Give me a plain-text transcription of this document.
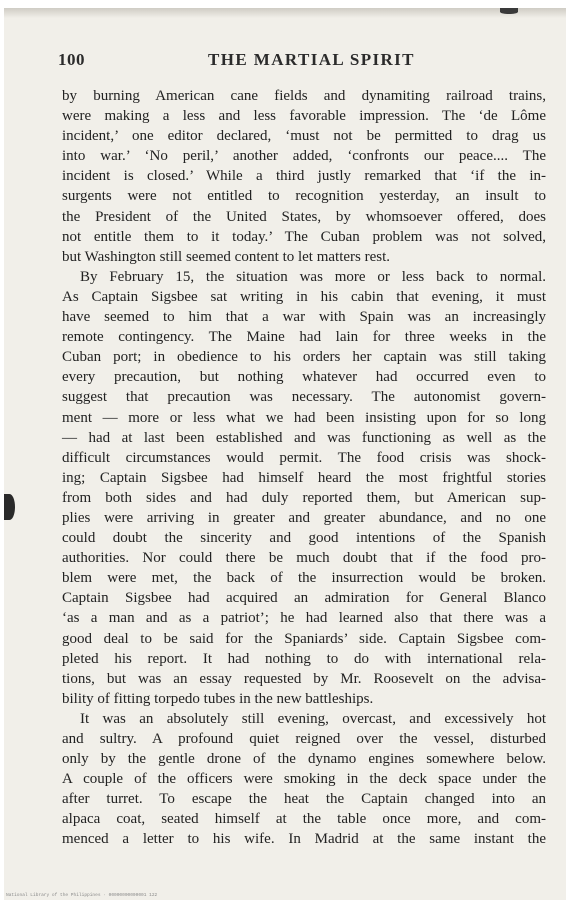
100	THE MARTIAL SPIRIT
by burning American cane fields and dynamiting railroad trains,
were making a less and less favorable impression. The ‘de Lôme
incident,’ one editor declared, ‘must not be permitted to drag us
into war.’ ‘No peril,’ another added, ‘confronts our peace.... The
incident is closed.’ While a third justly remarked that ‘if the in-
surgents were not entitled to recognition yesterday, an insult to
the President of the United States, by whomsoever offered, does
not entitle them to it today.’ The Cuban problem was not solved,
but Washington still seemed content to let matters rest.
By February 15, the situation was more or less back to normal.
As Captain Sigsbee sat writing in his cabin that evening, it must
have seemed to him that a war with Spain was an increasingly
remote contingency. The Maine had lain for three weeks in the
Cuban port; in obedience to his orders her captain was still taking
every precaution, but nothing whatever had occurred even to
suggest that precaution was necessary. The autonomist govern-
ment — more or less what we had been insisting upon for so long
— had at last been established and was functioning as well as the
difficult circumstances would permit. The food crisis was shock-
ing; Captain Sigsbee had himself heard the most frightful stories
from both sides and had duly reported them, but American sup-
plies were arriving in greater and greater abundance, and no one
could doubt the sincerity and good intentions of the Spanish
authorities. Nor could there be much doubt that if the food pro-
blem were met, the back of the insurrection would be broken.
Captain Sigsbee had acquired an admiration for General Blanco
‘as a man and as a patriot’; he had learned also that there was a
good deal to be said for the Spaniards’ side. Captain Sigsbee com-
pleted his report. It had nothing to do with international rela-
tions, but was an essay requested by Mr. Roosevelt on the advisa-
bility of fitting torpedo tubes in the new battleships.
It was an absolutely still evening, overcast, and excessively hot
and sultry. A profound quiet reigned over the vessel, disturbed
only by the gentle drone of the dynamo engines somewhere below.
A couple of the officers were smoking in the deck space under the
after turret. To escape the heat the Captain changed into an
alpaca coat, seated himself at the table once more, and com-
menced a letter to his wife. In Madrid at the same instant the
National Library of the Philippines · 00000000000001 122
